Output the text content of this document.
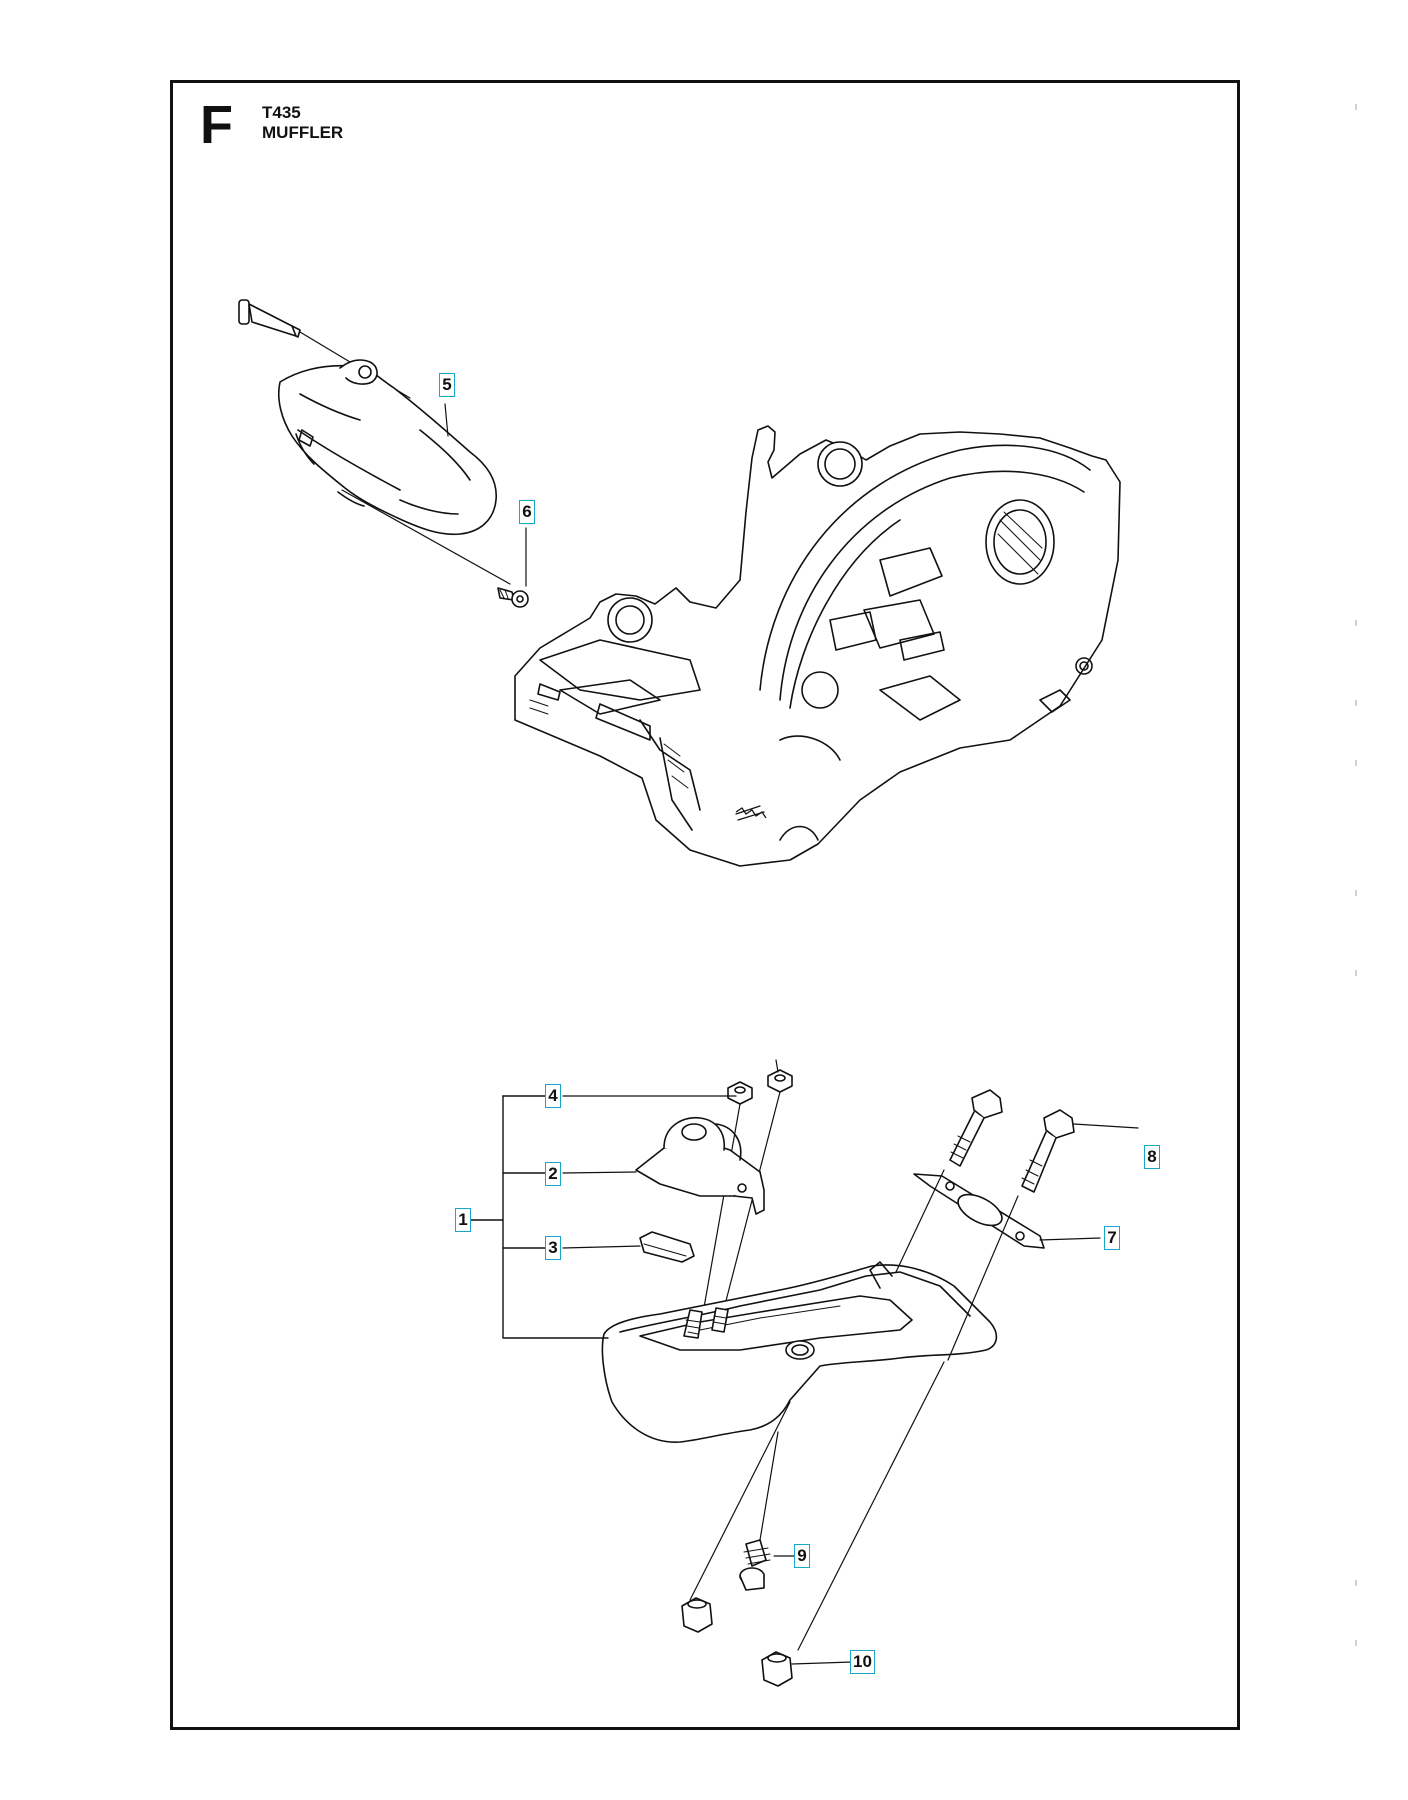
F T435
MUFFLER
5
6
4
2
1
3
8
7
9
10
